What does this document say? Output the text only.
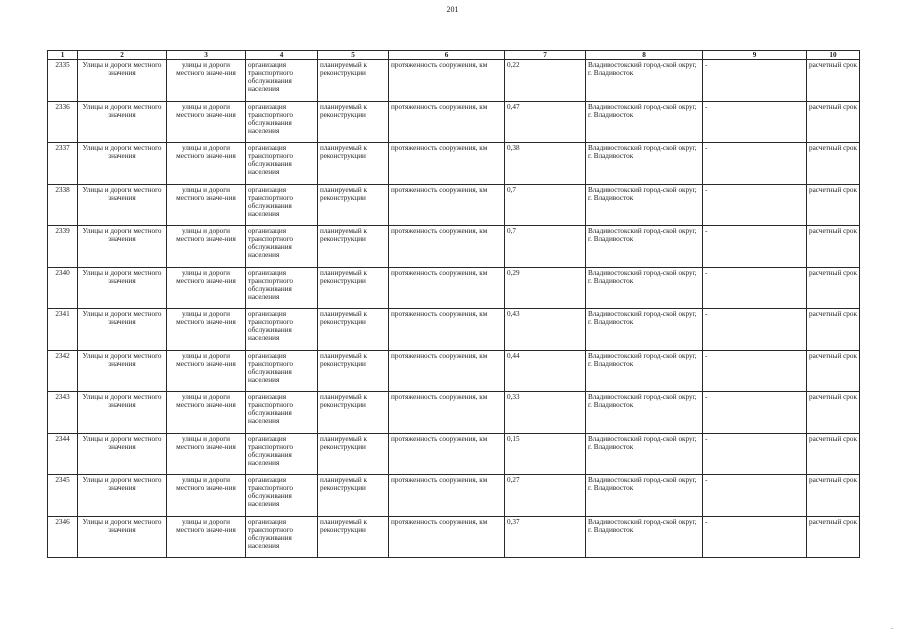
201
1	2	3	4	5	6	7	8	9	10
2335	Улицы и дороги местного значения	улицы и дороги местного значе-ния	организация транспортного обслуживания населения	планируемый к реконструкции	протяженность сооружения, км	0,22	Владивостокский город-ской округ, г. Владивосток	-	расчетный срок
2336	Улицы и дороги местного значения	улицы и дороги местного значе-ния	организация транспортного обслуживания населения	планируемый к реконструкции	протяженность сооружения, км	0,47	Владивостокский город-ской округ, г. Владивосток	-	расчетный срок
2337	Улицы и дороги местного значения	улицы и дороги местного значе-ния	организация транспортного обслуживания населения	планируемый к реконструкции	протяженность сооружения, км	0,38	Владивостокский город-ской округ, г. Владивосток	-	расчетный срок
2338	Улицы и дороги местного значения	улицы и дороги местного значе-ния	организация транспортного обслуживания населения	планируемый к реконструкции	протяженность сооружения, км	0,7	Владивостокский город-ской округ, г. Владивосток	-	расчетный срок
2339	Улицы и дороги местного значения	улицы и дороги местного значе-ния	организация транспортного обслуживания населения	планируемый к реконструкции	протяженность сооружения, км	0,7	Владивостокский город-ской округ, г. Владивосток	-	расчетный срок
2340	Улицы и дороги местного значения	улицы и дороги местного значе-ния	организация транспортного обслуживания населения	планируемый к реконструкции	протяженность сооружения, км	0,29	Владивостокский город-ской округ, г. Владивосток	-	расчетный срок
2341	Улицы и дороги местного значения	улицы и дороги местного значе-ния	организация транспортного обслуживания населения	планируемый к реконструкции	протяженность сооружения, км	0,43	Владивостокский город-ской округ, г. Владивосток	-	расчетный срок
2342	Улицы и дороги местного значения	улицы и дороги местного значе-ния	организация транспортного обслуживания населения	планируемый к реконструкции	протяженность сооружения, км	0,44	Владивостокский город-ской округ, г. Владивосток	-	расчетный срок
2343	Улицы и дороги местного значения	улицы и дороги местного значе-ния	организация транспортного обслуживания населения	планируемый к реконструкции	протяженность сооружения, км	0,33	Владивостокский город-ской округ, г. Владивосток	-	расчетный срок
2344	Улицы и дороги местного значения	улицы и дороги местного значе-ния	организация транспортного обслуживания населения	планируемый к реконструкции	протяженность сооружения, км	0,15	Владивостокский город-ской округ, г. Владивосток	-	расчетный срок
2345	Улицы и дороги местного значения	улицы и дороги местного значе-ния	организация транспортного обслуживания населения	планируемый к реконструкции	протяженность сооружения, км	0,27	Владивостокский город-ской округ, г. Владивосток	-	расчетный срок
2346	Улицы и дороги местного значения	улицы и дороги местного значе-ния	организация транспортного обслуживания населения	планируемый к реконструкции	протяженность сооружения, км	0,37	Владивостокский город-ской округ, г. Владивосток	-	расчетный срок
-
